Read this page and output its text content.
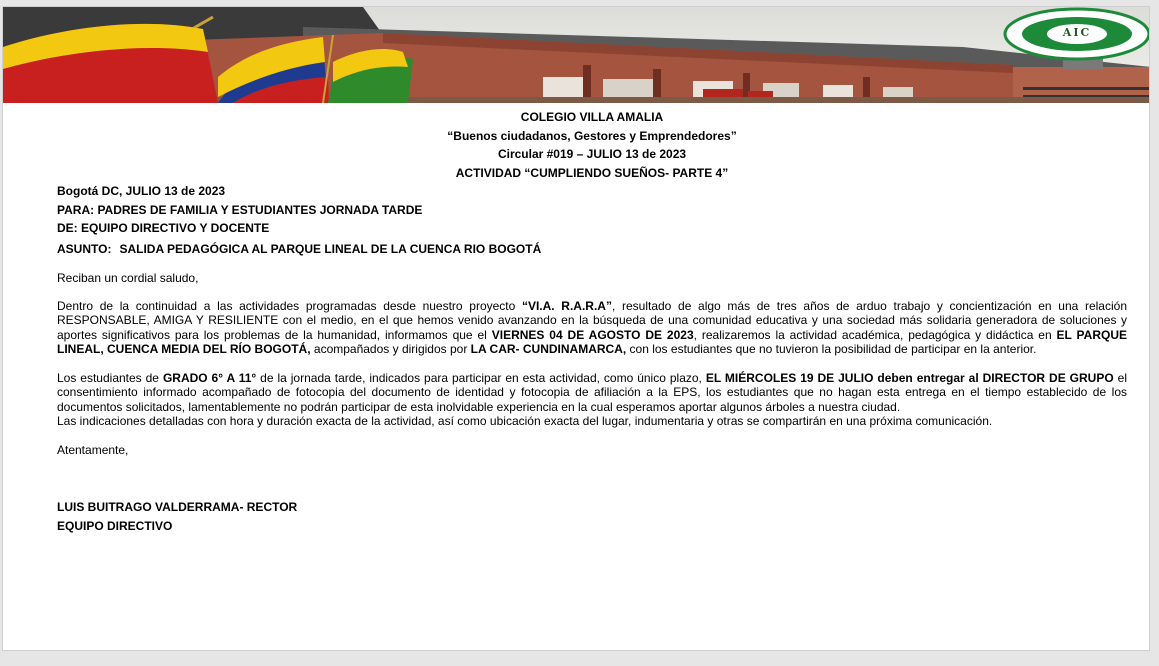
AIC
COLEGIO VILLA AMALIA
“Buenos ciudadanos, Gestores y Emprendedores”
Circular #019 – JULIO 13 de 2023
ACTIVIDAD “CUMPLIENDO SUEÑOS- PARTE 4”
Bogotá DC, JULIO 13 de 2023
PARA: PADRES DE FAMILIA Y ESTUDIANTES JORNADA TARDE
DE: EQUIPO DIRECTIVO Y DOCENTE
ASUNTO: SALIDA PEDAGÓGICA AL PARQUE LINEAL DE LA CUENCA RIO BOGOTÁ

Reciban un cordial saludo,

Dentro de la continuidad a las actividades programadas desde nuestro proyecto “VI.A. R.A.R.A”, resultado de algo más de tres años de arduo trabajo y concientización en una relación RESPONSABLE, AMIGA Y RESILIENTE con el medio, en el que hemos venido avanzando en la búsqueda de una comunidad educativa y una sociedad más solidaria generadora de soluciones y aportes significativos para los problemas de la humanidad, informamos que el VIERNES 04 DE AGOSTO DE 2023, realizaremos la actividad académica, pedagógica y didáctica en EL PARQUE LINEAL, CUENCA MEDIA DEL RÍO BOGOTÁ, acompañados y dirigidos por LA CAR- CUNDINAMARCA, con los estudiantes que no tuvieron la posibilidad de participar en la anterior.

Los estudiantes de GRADO 6° A 11° de la jornada tarde, indicados para participar en esta actividad, como único plazo, EL MIÉRCOLES 19 DE JULIO deben entregar al DIRECTOR DE GRUPO el consentimiento informado acompañado de fotocopia del documento de identidad y fotocopia de afiliación a la EPS, los estudiantes que no hagan esta entrega en el tiempo establecido de los documentos solicitados, lamentablemente no podrán participar de esta inolvidable experiencia en la cual esperamos aportar algunos árboles a nuestra ciudad.

Las indicaciones detalladas con hora y duración exacta de la actividad, así como ubicación exacta del lugar, indumentaria y otras se compartirán en una próxima comunicación.

Atentamente,

LUIS BUITRAGO VALDERRAMA- RECTOR
EQUIPO DIRECTIVO
